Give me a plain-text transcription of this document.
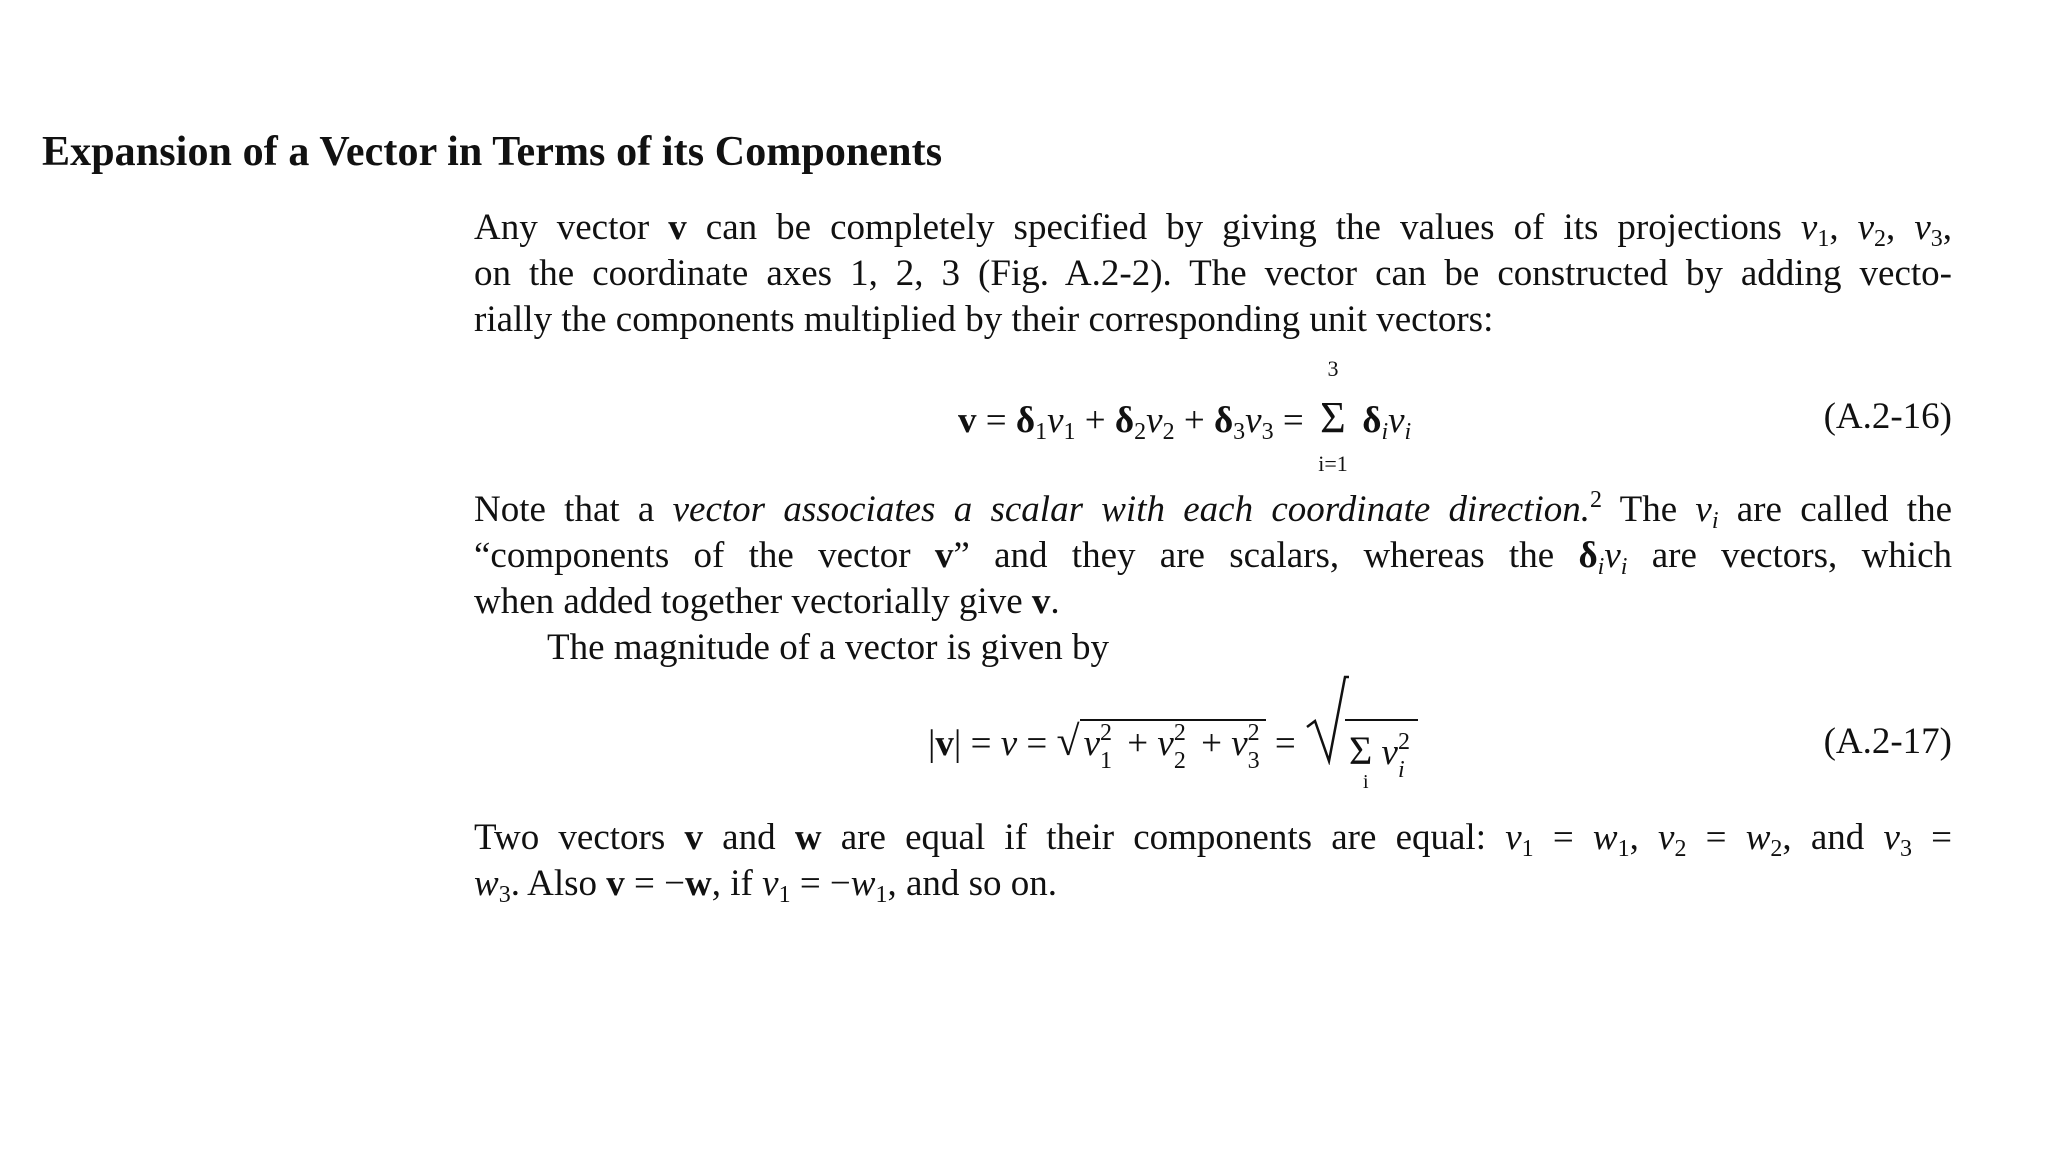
Expansion of a Vector in Terms of its Components
Any vector v can be completely specified by giving the values of its projections $v_1$, $v_2$, $v_3$,
on the coordinate axes 1, 2, 3 (Fig. A.2-2). The vector can be constructed by adding vecto-
rially the components multiplied by their corresponding unit vectors:
$v = \delta_1v_1 + \delta_2v_2 + \delta_3v_3$ =
3
Σ
i=1
$\delta_iv_i$	(A.2-16)
Note that a vector associates a scalar with each coordinate direction.$^2$ The $v_i$ are called the
“components of the vector v” and they are scalars, whereas the $\delta_iv_i$ are vectors, which
when added together vectorially give v.
The magnitude of a vector is given by
|v| = v = √ v 2
1 + v 2
2 + v 2
3 =
Σ v 2
i
i
(A.2-17)
Two vectors v and w are equal if their components are equal: $v_1 = w_1$, $v_2 = w_2$, and $v_3$ =
$w_3$. Also v = −w, if $v_1 = -w_1$, and so on.
